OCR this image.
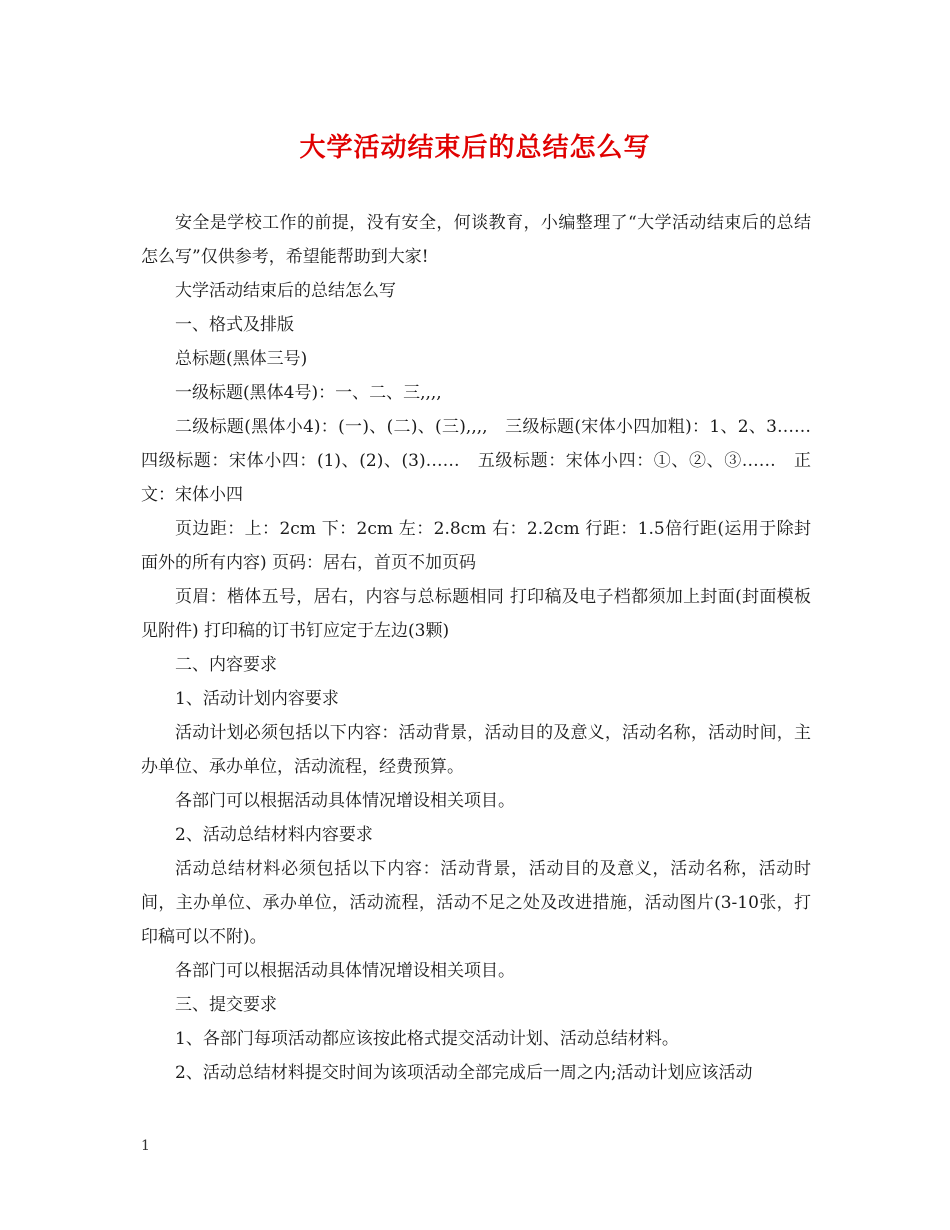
大学活动结束后的总结怎么写

安全是学校工作的前提，没有安全，何谈教育，小编整理了“大学活动结束后的总结怎么写”仅供参考，希望能帮助到大家!

大学活动结束后的总结怎么写

一、格式及排版

总标题(黑体三号)

一级标题(黑体4号)：一、二、三,,,,

二级标题(黑体小4)：(一)、(二)、(三),,,,　三级标题(宋体小四加粗)：1、2、3……　四级标题：宋体小四：(1)、(2)、(3)……　五级标题：宋体小四：①、②、③……　正文：宋体小四

页边距：上：2cm 下：2cm 左：2.8cm 右：2.2cm 行距：1.5倍行距(运用于除封面外的所有内容) 页码：居右，首页不加页码

页眉：楷体五号，居右，内容与总标题相同 打印稿及电子档都须加上封面(封面模板见附件) 打印稿的订书钉应定于左边(3颗)

二、内容要求

1、活动计划内容要求

活动计划必须包括以下内容：活动背景，活动目的及意义，活动名称，活动时间，主办单位、承办单位，活动流程，经费预算。

各部门可以根据活动具体情况增设相关项目。

2、活动总结材料内容要求

活动总结材料必须包括以下内容：活动背景，活动目的及意义，活动名称，活动时间，主办单位、承办单位，活动流程，活动不足之处及改进措施，活动图片(3-10张，打印稿可以不附)。

各部门可以根据活动具体情况增设相关项目。

三、提交要求

1、各部门每项活动都应该按此格式提交活动计划、活动总结材料。

2、活动总结材料提交时间为该项活动全部完成后一周之内;活动计划应该活动

1
